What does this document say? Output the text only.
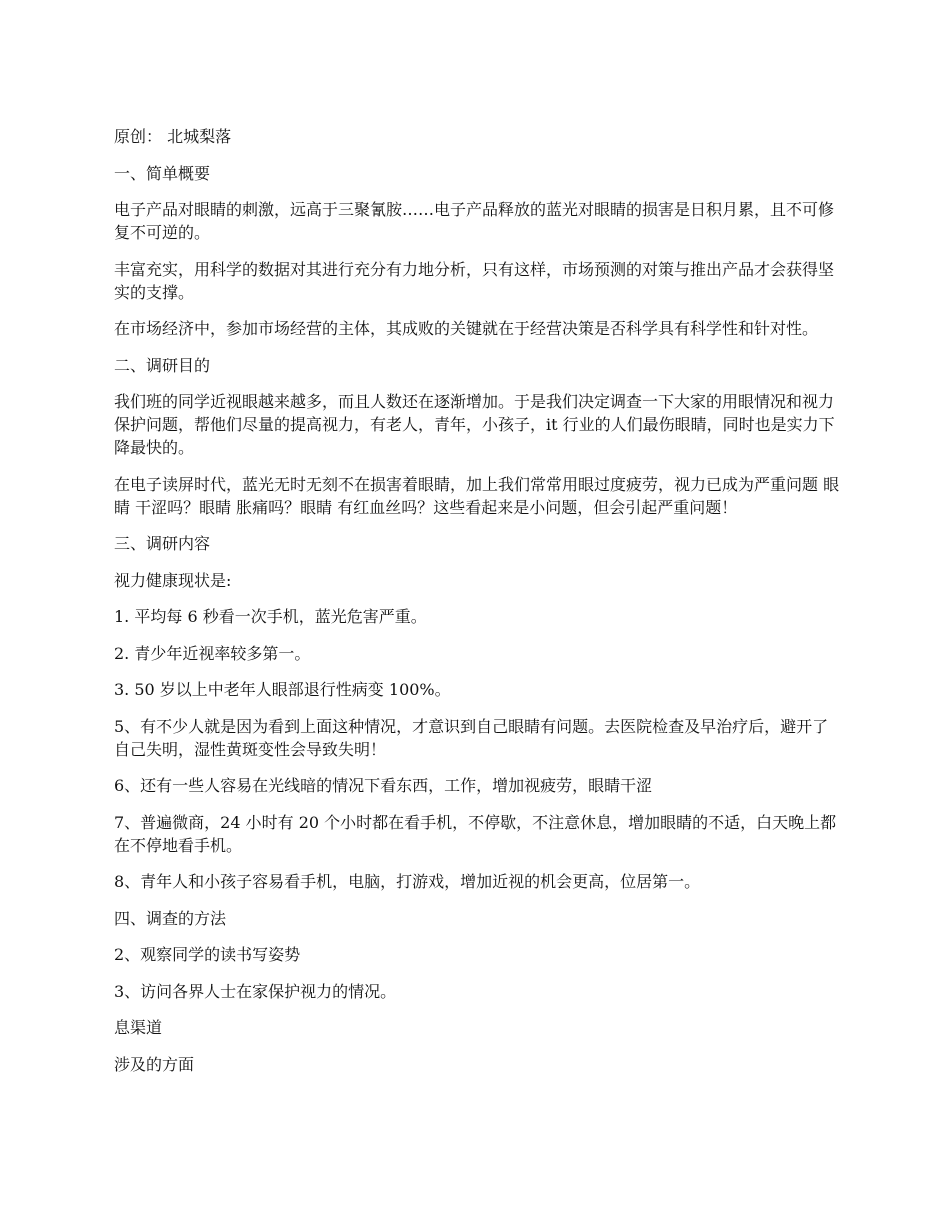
原创： 北城梨落

一、简单概要

电子产品对眼睛的刺激，远高于三聚氰胺……电子产品释放的蓝光对眼睛的损害是日积月累，且不可修复不可逆的。

丰富充实，用科学的数据对其进行充分有力地分析，只有这样，市场预测的对策与推出产品才会获得坚实的支撑。

在市场经济中，参加市场经营的主体，其成败的关键就在于经营决策是否科学具有科学性和针对性。

二、调研目的

我们班的同学近视眼越来越多，而且人数还在逐渐增加。于是我们决定调查一下大家的用眼情况和视力保护问题，帮他们尽量的提高视力，有老人，青年，小孩子，it 行业的人们最伤眼睛，同时也是实力下降最快的。

在电子读屏时代，蓝光无时无刻不在损害着眼睛，加上我们常常用眼过度疲劳，视力已成为严重问题 眼睛 干涩吗？眼睛 胀痛吗？眼睛 有红血丝吗？这些看起来是小问题，但会引起严重问题！

三、调研内容

视力健康现状是:

1. 平均每 6 秒看一次手机，蓝光危害严重。

2. 青少年近视率较多第一。

3. 50 岁以上中老年人眼部退行性病变 100%。

5、有不少人就是因为看到上面这种情况，才意识到自己眼睛有问题。去医院检查及早治疗后，避开了自己失明，湿性黄斑变性会导致失明！

6、还有一些人容易在光线暗的情况下看东西，工作，增加视疲劳，眼睛干涩

7、普遍微商，24 小时有 20 个小时都在看手机，不停歇，不注意休息，增加眼睛的不适，白天晚上都在不停地看手机。

8、青年人和小孩子容易看手机，电脑，打游戏，增加近视的机会更高，位居第一。

四、调查的方法

2、观察同学的读书写姿势

3、访问各界人士在家保护视力的情况。

息渠道

涉及的方面
